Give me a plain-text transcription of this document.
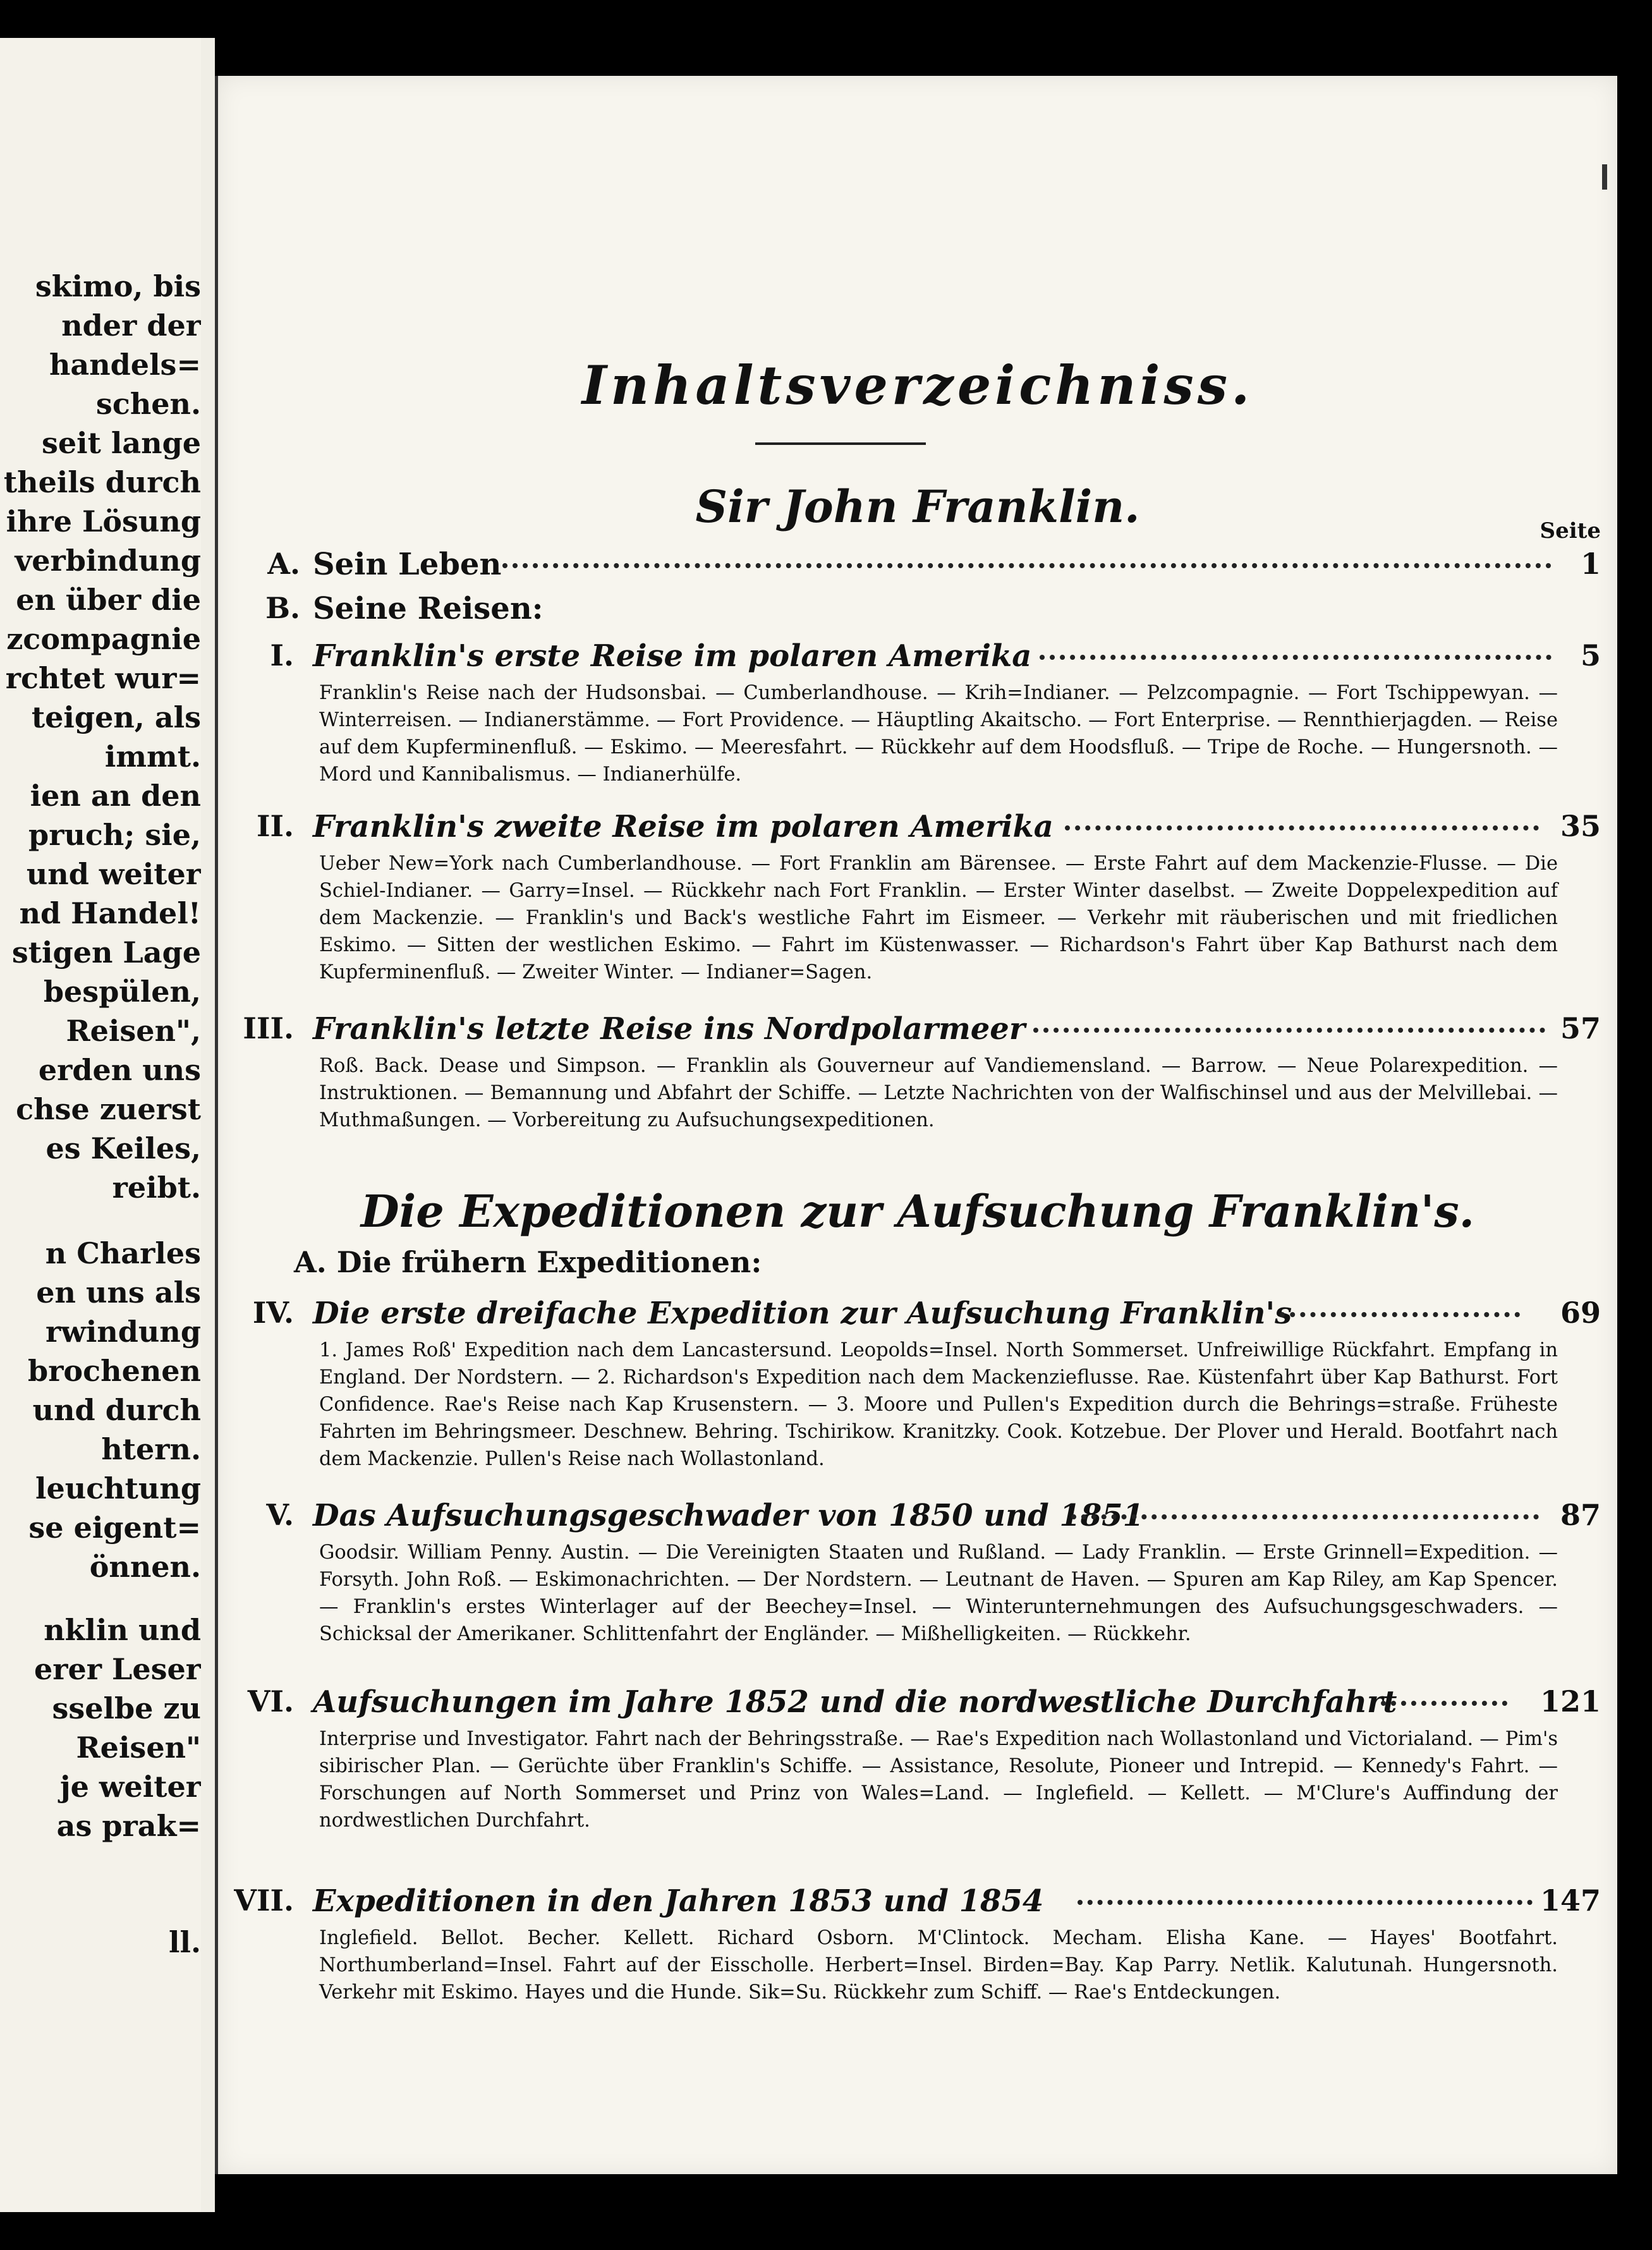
skimo, bis
nder der
handels=
schen.
seit lange
theils durch
ihre Lösung
verbindung
en über die
zcompagnie
rchtet wur=
teigen, als
immt.
ien an den
pruch; sie,
und weiter
nd Handel!
stigen Lage
bespülen,
Reisen",
erden uns
chse zuerst
es Keiles,
reibt.
n Charles
en uns als
rwindung
brochenen
und durch
htern.
leuchtung
se eigent=
önnen.
nklin und
erer Leser
sselbe zu
Reisen"
je weiter
as prak=
ll.
Inhaltsverzeichniss.
Sir John Franklin.	Seite
A. Sein Leben	1
B. Seine Reisen:
I. Franklin's erste Reise im polaren Amerika	5
Franklin's Reise nach der Hudsonsbai. — Cumberlandhouse. — Krih=Indianer. — Pelzcompagnie. — Fort Tschippewyan. — Winterreisen. — Indianerstämme. — Fort Providence. — Häuptling Akaitscho. — Fort Enterprise. — Rennthierjagden. — Reise auf dem Kupferminenfluß. — Eskimo. — Meeresfahrt. — Rückkehr auf dem Hoodsfluß. — Tripe de Roche. — Hungersnoth. — Mord und Kannibalismus. — Indianerhülfe.
II. Franklin's zweite Reise im polaren Amerika	35
Ueber New=York nach Cumberlandhouse. — Fort Franklin am Bärensee. — Erste Fahrt auf dem Mackenzie-Flusse. — Die Schiel-Indianer. — Garry=Insel. — Rückkehr nach Fort Franklin. — Erster Winter daselbst. — Zweite Doppelexpedition auf dem Mackenzie. — Franklin's und Back's westliche Fahrt im Eismeer. — Verkehr mit räuberischen und mit friedlichen Eskimo. — Sitten der westlichen Eskimo. — Fahrt im Küstenwasser. — Richardson's Fahrt über Kap Bathurst nach dem Kupferminenfluß. — Zweiter Winter. — Indianer=Sagen.
III. Franklin's letzte Reise ins Nordpolarmeer	57
Roß. Back. Dease und Simpson. — Franklin als Gouverneur auf Vandiemensland. — Barrow. — Neue Polarexpedition. — Instruktionen. — Bemannung und Abfahrt der Schiffe. — Letzte Nachrichten von der Walfischinsel und aus der Melvillebai. — Muthmaßungen. — Vorbereitung zu Aufsuchungsexpeditionen.
Die Expeditionen zur Aufsuchung Franklin's.
A. Die frühern Expeditionen:
IV. Die erste dreifache Expedition zur Aufsuchung Franklin's	69
1. James Roß' Expedition nach dem Lancastersund. Leopolds=Insel. North Sommerset. Unfreiwillige Rückfahrt. Empfang in England. Der Nordstern. — 2. Richardson's Expedition nach dem Mackenzieflusse. Rae. Küstenfahrt über Kap Bathurst. Fort Confidence. Rae's Reise nach Kap Krusenstern. — 3. Moore und Pullen's Expedition durch die Behrings=straße. Früheste Fahrten im Behringsmeer. Deschnew. Behring. Tschirikow. Kranitzky. Cook. Kotzebue. Der Plover und Herald. Bootfahrt nach dem Mackenzie. Pullen's Reise nach Wollastonland.
V. Das Aufsuchungsgeschwader von 1850 und 1851	87
Goodsir. William Penny. Austin. — Die Vereinigten Staaten und Rußland. — Lady Franklin. — Erste Grinnell=Expedition. — Forsyth. John Roß. — Eskimonachrichten. — Der Nordstern. — Leutnant de Haven. — Spuren am Kap Riley, am Kap Spencer. — Franklin's erstes Winterlager auf der Beechey=Insel. — Winterunternehmungen des Aufsuchungsgeschwaders. — Schicksal der Amerikaner. Schlittenfahrt der Engländer. — Mißhelligkeiten. — Rückkehr.
VI. Aufsuchungen im Jahre 1852 und die nordwestliche Durchfahrt	121
Interprise und Investigator. Fahrt nach der Behringsstraße. — Rae's Expedition nach Wollastonland und Victorialand. — Pim's sibirischer Plan. — Gerüchte über Franklin's Schiffe. — Assistance, Resolute, Pioneer und Intrepid. — Kennedy's Fahrt. — Forschungen auf North Sommerset und Prinz von Wales=Land. — Inglefield. — Kellett. — M'Clure's Auffindung der nordwestlichen Durchfahrt.
VII. Expeditionen in den Jahren 1853 und 1854	147
Inglefield. Bellot. Becher. Kellett. Richard Osborn. M'Clintock. Mecham. Elisha Kane. — Hayes' Bootfahrt. Northumberland=Insel. Fahrt auf der Eisscholle. Herbert=Insel. Birden=Bay. Kap Parry. Netlik. Kalutunah. Hungersnoth. Verkehr mit Eskimo. Hayes und die Hunde. Sik=Su. Rückkehr zum Schiff. — Rae's Entdeckungen.
